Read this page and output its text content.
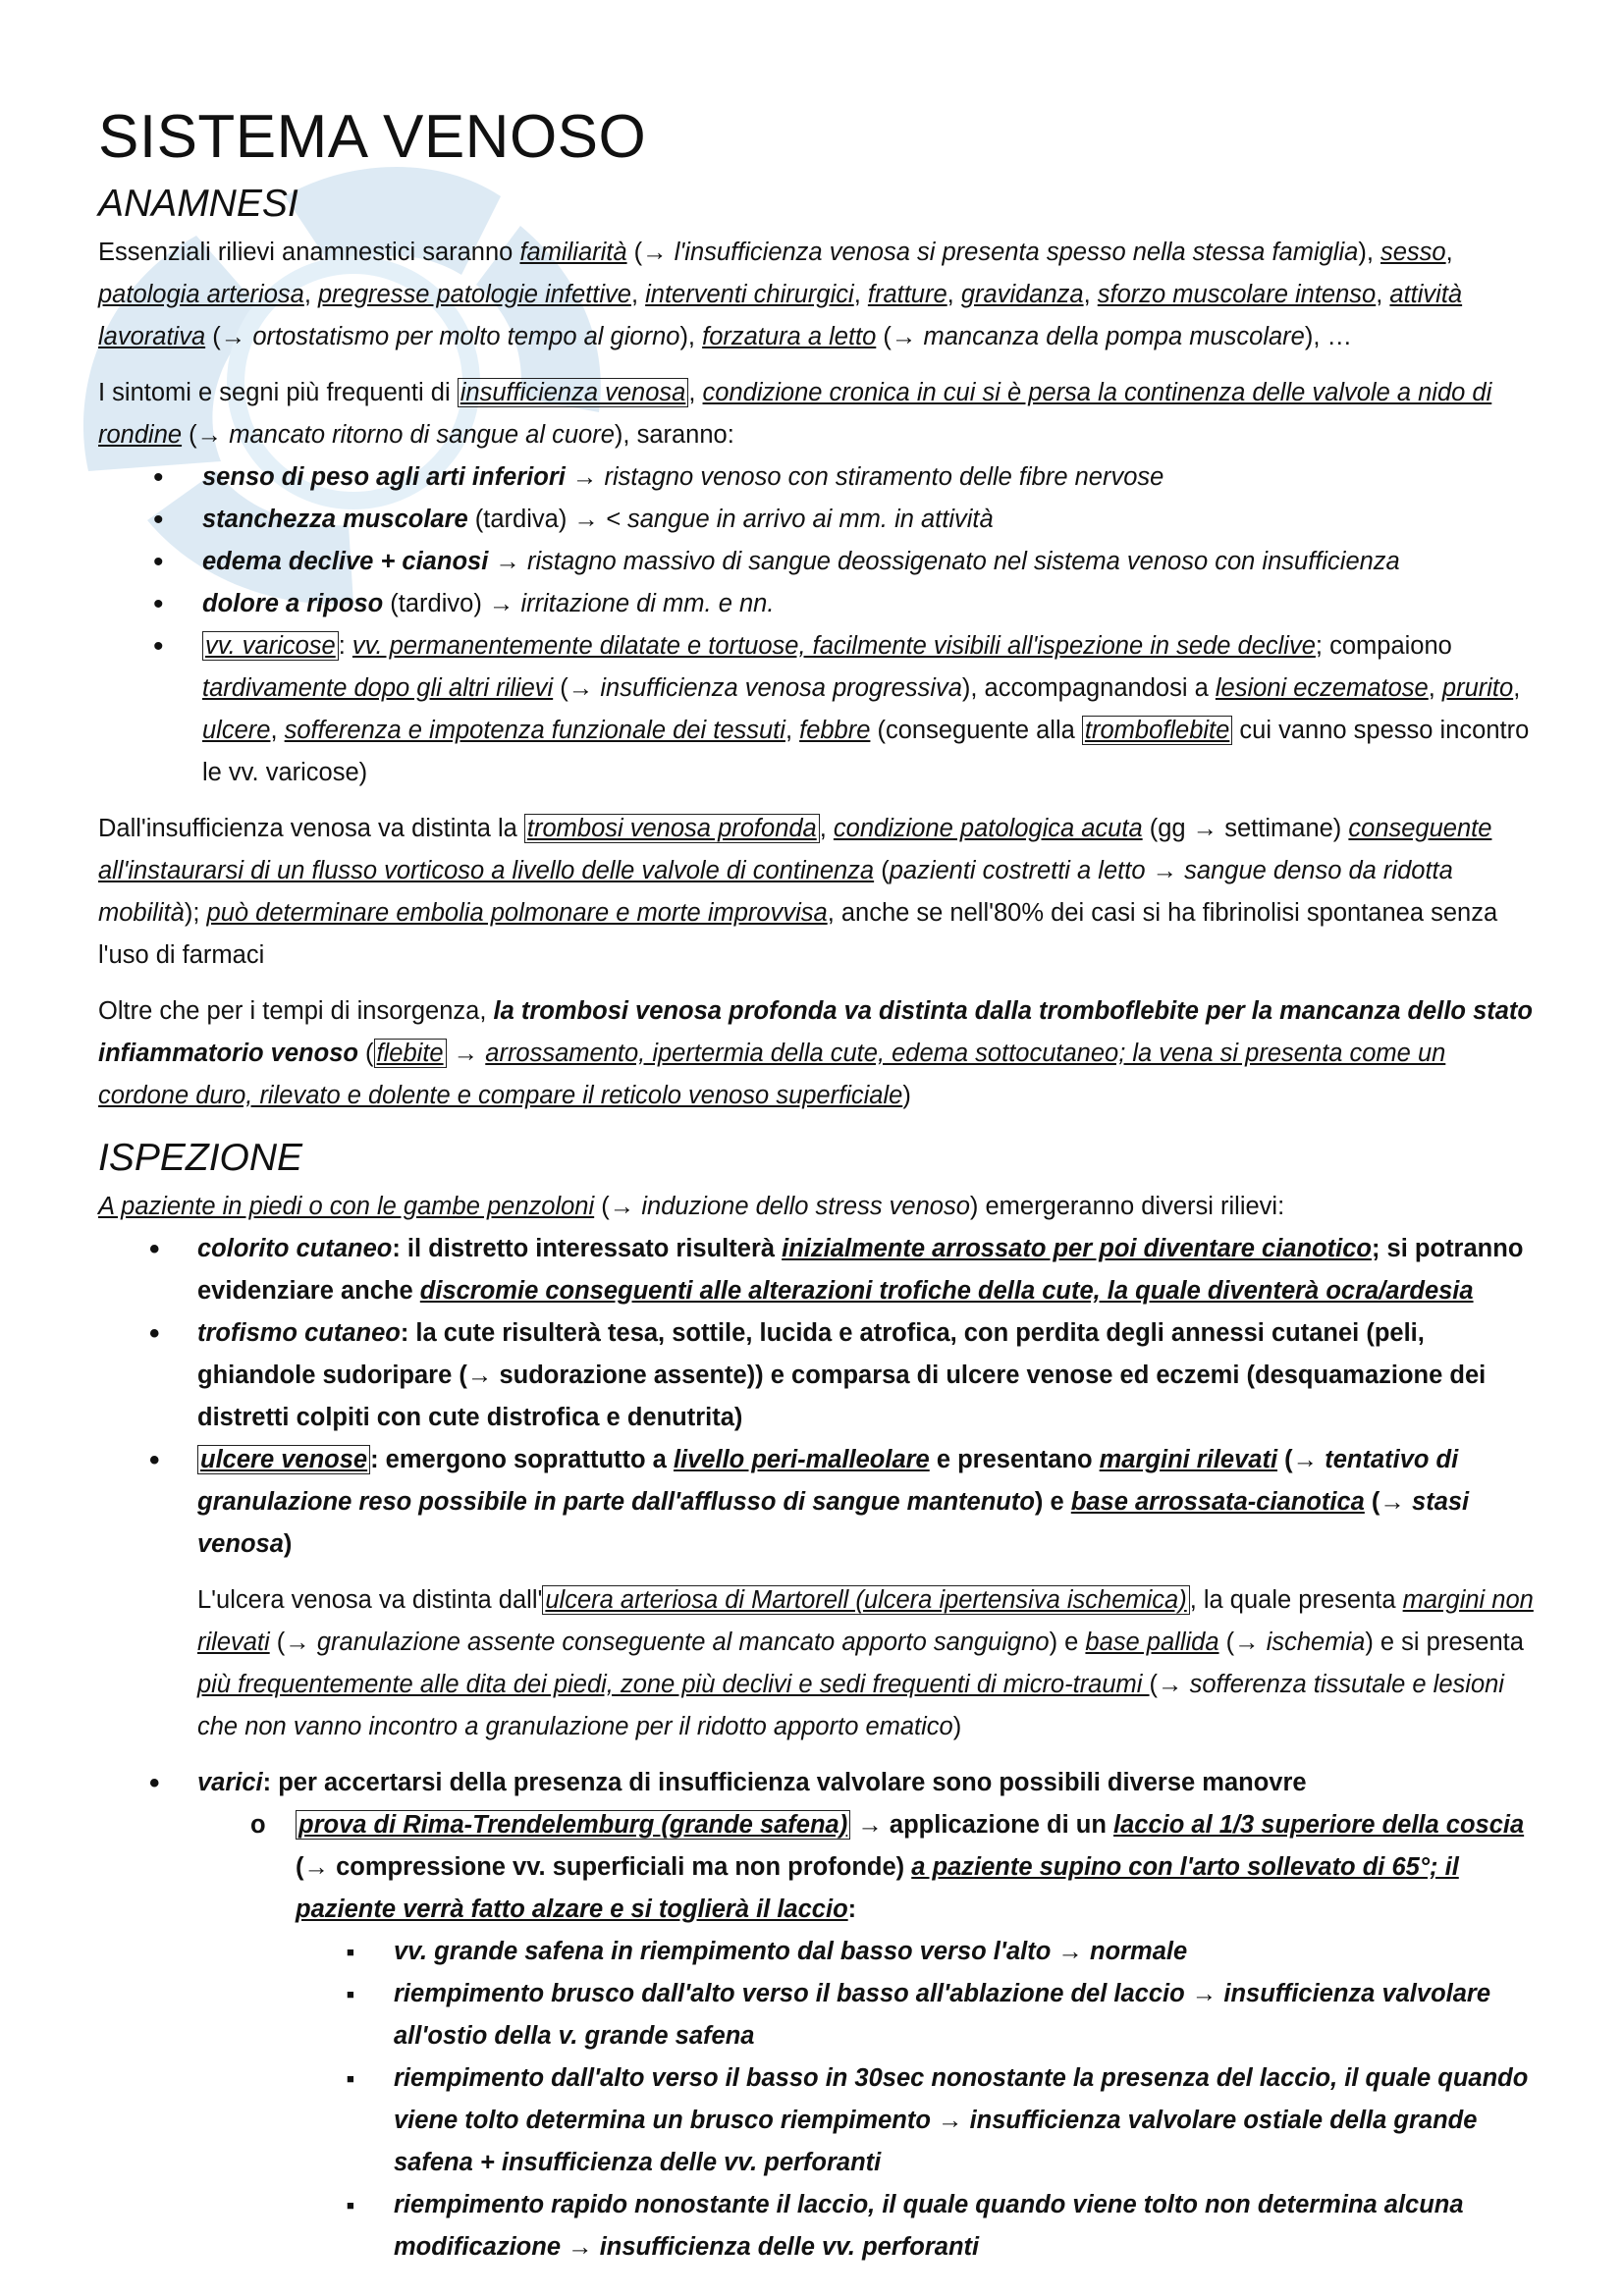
SISTEMA VENOSO
ANAMNESI

Essenziali rilievi anamnestici saranno familiarità (→ l'insufficienza venosa si presenta spesso nella stessa famiglia), sesso, patologia arteriosa, pregresse patologie infettive, interventi chirurgici, fratture, gravidanza, sforzo muscolare intenso, attività lavorativa (→ ortostatismo per molto tempo al giorno), forzatura a letto (→ mancanza della pompa muscolare), …

I sintomi e segni più frequenti di insufficienza venosa , condizione cronica in cui si è persa la continenza delle valvole a nido di rondine (→ mancato ritorno di sangue al cuore), saranno:

• senso di peso agli arti inferiori → ristagno venoso con stiramento delle fibre nervose
• stanchezza muscolare (tardiva) → < sangue in arrivo ai mm. in attività
• edema declive + cianosi → ristagno massivo di sangue deossigenato nel sistema venoso con insufficienza
• dolore a riposo (tardivo) → irritazione di mm. e nn.
• vv. varicose : vv. permanentemente dilatate e tortuose, facilmente visibili all'ispezione in sede declive; compaiono tardivamente dopo gli altri rilievi (→ insufficienza venosa progressiva), accompagnandosi a lesioni eczematose, prurito, ulcere, sofferenza e impotenza funzionale dei tessuti, febbre (conseguente alla tromboflebite cui vanno spesso incontro le vv. varicose)

Dall'insufficienza venosa va distinta la trombosi venosa profonda , condizione patologica acuta (gg → settimane) conseguente all'instaurarsi di un flusso vorticoso a livello delle valvole di continenza (pazienti costretti a letto → sangue denso da ridotta mobilità); può determinare embolia polmonare e morte improvvisa, anche se nell'80% dei casi si ha fibrinolisi spontanea senza l'uso di farmaci

Oltre che per i tempi di insorgenza, la trombosi venosa profonda va distinta dalla tromboflebite per la mancanza dello stato infiammatorio venoso ( flebite → arrossamento, ipertermia della cute, edema sottocutaneo; la vena si presenta come un cordone duro, rilevato e dolente e compare il reticolo venoso superficiale)

ISPEZIONE

A paziente in piedi o con le gambe penzoloni (→ induzione dello stress venoso) emergeranno diversi rilievi:

• colorito cutaneo: il distretto interessato risulterà inizialmente arrossato per poi diventare cianotico; si potranno evidenziare anche discromie conseguenti alle alterazioni trofiche della cute, la quale diventerà ocra/ardesia
• trofismo cutaneo: la cute risulterà tesa, sottile, lucida e atrofica, con perdita degli annessi cutanei (peli, ghiandole sudoripare (→ sudorazione assente)) e comparsa di ulcere venose ed eczemi (desquamazione dei distretti colpiti con cute distrofica e denutrita)
• ulcere venose : emergono soprattutto a livello peri-malleolare e presentano margini rilevati (→ tentativo di granulazione reso possibile in parte dall'afflusso di sangue mantenuto) e base arrossata-cianotica (→ stasi venosa)

L'ulcera venosa va distinta dall' ulcera arteriosa di Martorell (ulcera ipertensiva ischemica) , la quale presenta margini non rilevati (→ granulazione assente conseguente al mancato apporto sanguigno) e base pallida (→ ischemia) e si presenta più frequentemente alle dita dei piedi, zone più declivi e sedi frequenti di micro-traumi (→ sofferenza tissutale e lesioni che non vanno incontro a granulazione per il ridotto apporto ematico)

• varici: per accertarsi della presenza di insufficienza valvolare sono possibili diverse manovre
o prova di Rima-Trendelemburg (grande safena) → applicazione di un laccio al 1/3 superiore della coscia (→ compressione vv. superficiali ma non profonde) a paziente supino con l'arto sollevato di 65°; il paziente verrà fatto alzare e si toglierà il laccio:
■ vv. grande safena in riempimento dal basso verso l'alto → normale
■ riempimento brusco dall'alto verso il basso all'ablazione del laccio → insufficienza valvolare all'ostio della v. grande safena
■ riempimento dall'alto verso il basso in 30sec nonostante la presenza del laccio, il quale quando viene tolto determina un brusco riempimento → insufficienza valvolare ostiale della grande safena + insufficienza delle vv. perforanti
■ riempimento rapido nonostante il laccio, il quale quando viene tolto non determina alcuna modificazione → insufficienza delle vv. perforanti
